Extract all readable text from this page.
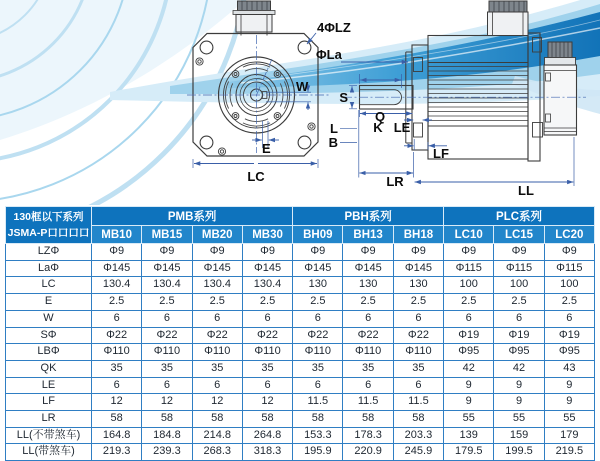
4ΦLZ
ΦLa
W
E
LC
S
Q
K LE
L
B
LF
LR
LL
130框以下系列
JSMA-P口口口口	PMB系列				PBH系列			PLC系列		
	MB10	MB15	MB20	MB30	BH09	BH13	BH18	LC10	LC15	LC20
LZΦ	Φ9	Φ9	Φ9	Φ9	Φ9	Φ9	Φ9	Φ9	Φ9	Φ9
LaΦ	Φ145	Φ145	Φ145	Φ145	Φ145	Φ145	Φ145	Φ115	Φ115	Φ115
LC	130.4	130.4	130.4	130.4	130	130	130	100	100	100
E	2.5	2.5	2.5	2.5	2.5	2.5	2.5	2.5	2.5	2.5
W	6	6	6	6	6	6	6	6	6	6
SΦ	Φ22	Φ22	Φ22	Φ22	Φ22	Φ22	Φ22	Φ19	Φ19	Φ19
LBΦ	Φ110	Φ110	Φ110	Φ110	Φ110	Φ110	Φ110	Φ95	Φ95	Φ95
QK	35	35	35	35	35	35	35	42	42	43
LE	6	6	6	6	6	6	6	9	9	9
LF	12	12	12	12	11.5	11.5	11.5	9	9	9
LR	58	58	58	58	58	58	58	55	55	55
LL(不带煞车)	164.8	184.8	214.8	264.8	153.3	178.3	203.3	139	159	179
LL(带煞车)	219.3	239.3	268.3	318.3	195.9	220.9	245.9	179.5	199.5	219.5
